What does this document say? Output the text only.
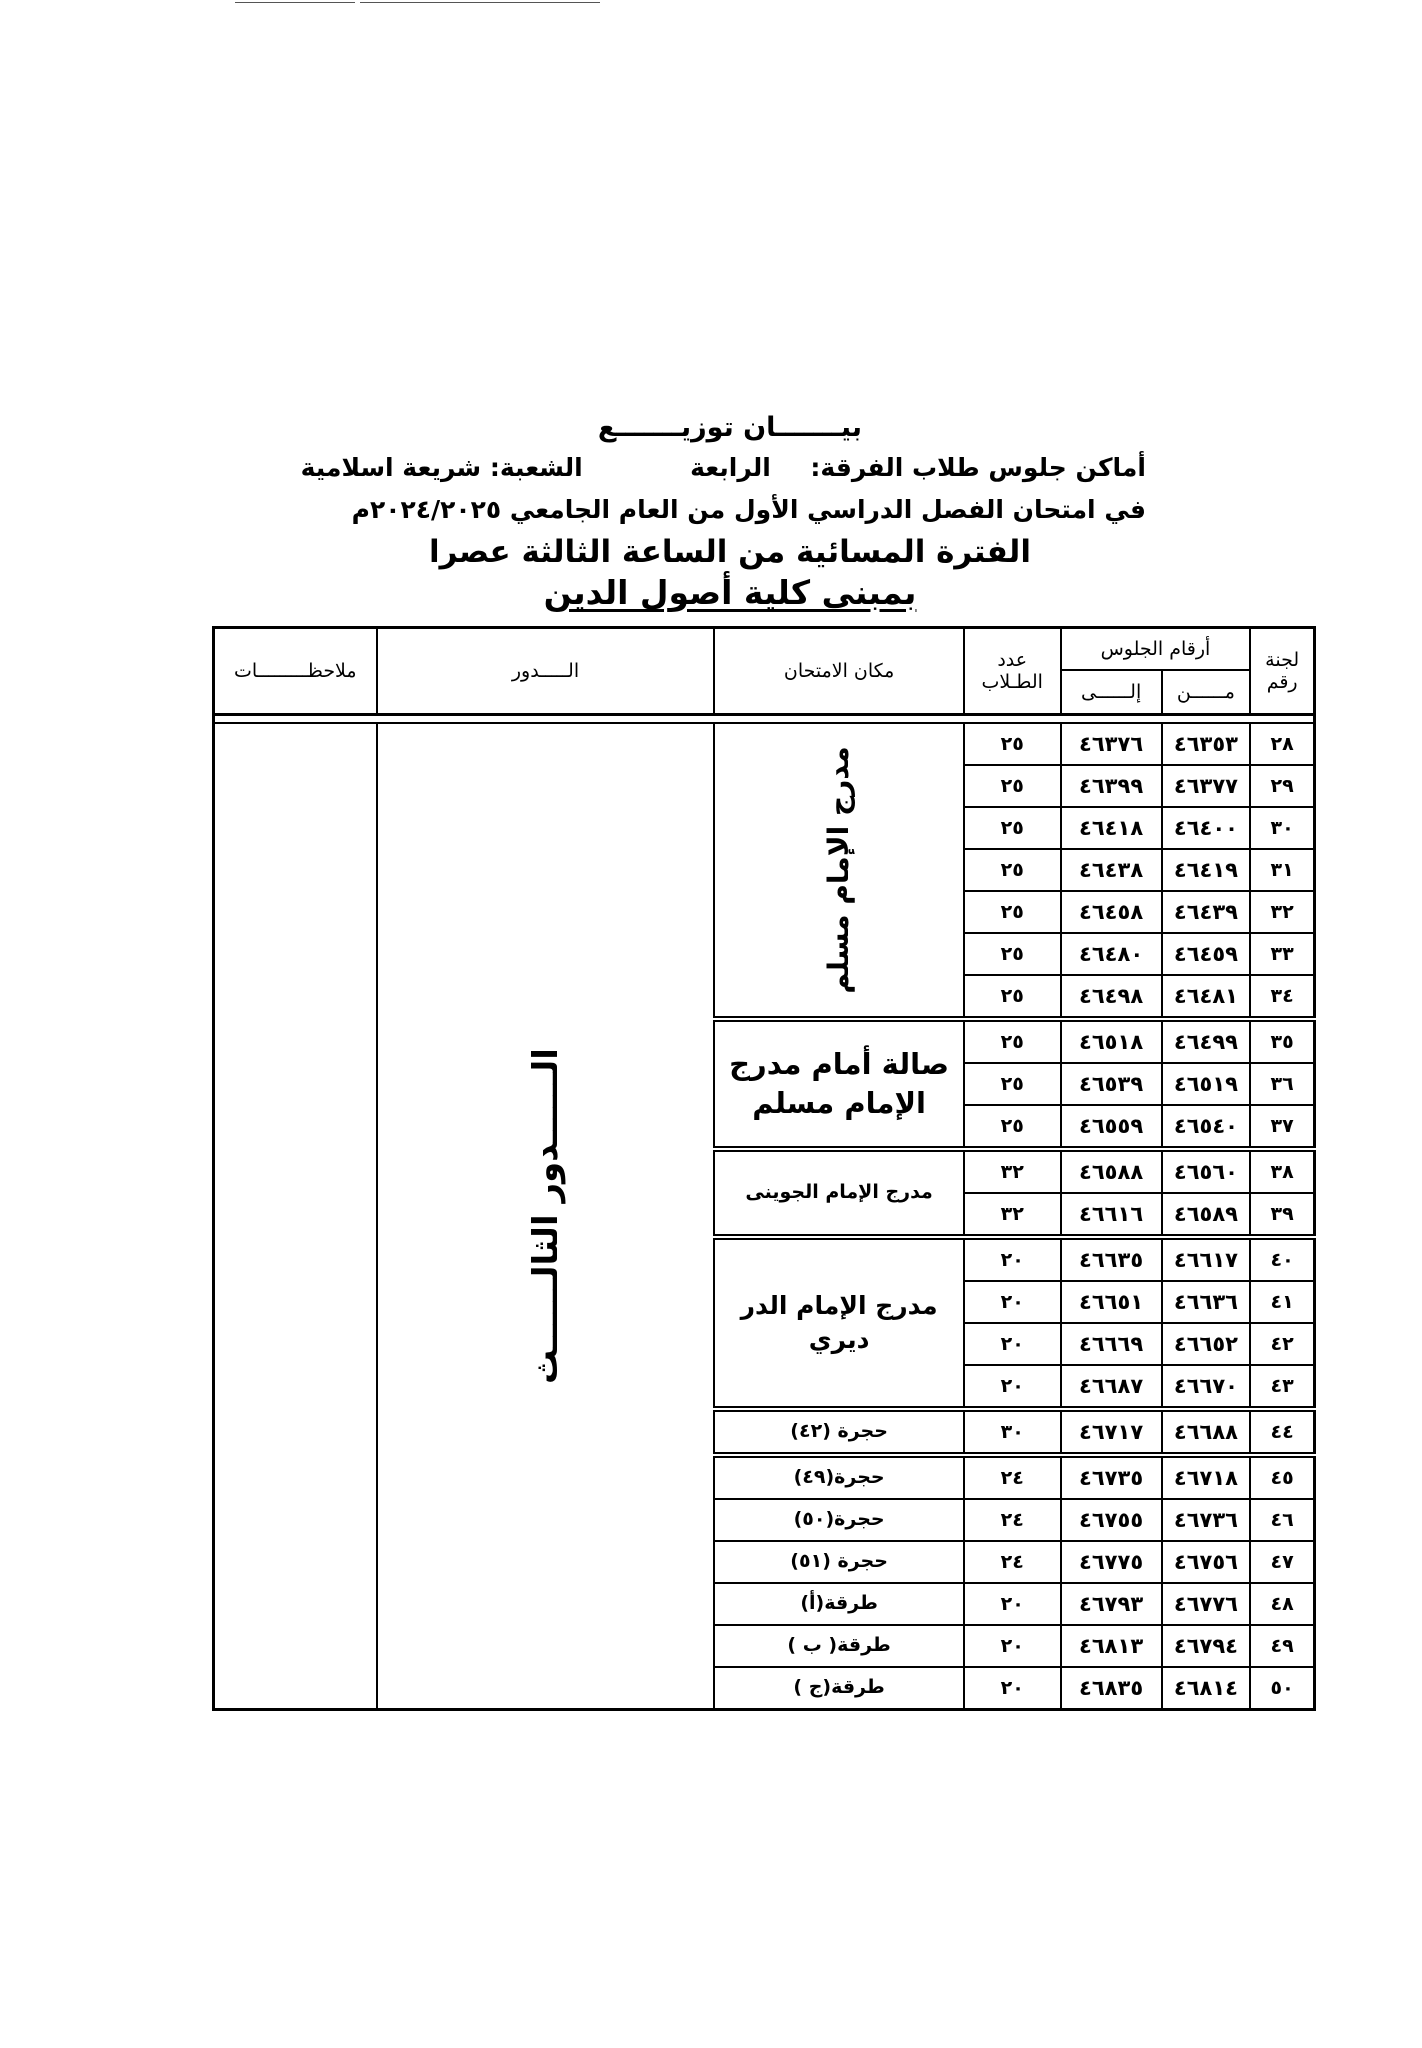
بيـــــــان توزيـــــــع
أماكن جلوس طلاب الفرقة:  الرابعة  الشعبة: شريعة اسلامية
في امتحان الفصل الدراسي الأول من العام الجامعي ٢٠٢٤/٢٠٢٥م
الفترة المسائية من الساعة الثالثة عصرا
بمبنى كلية أصول الدين
لجنة رقم	أرقام الجلوس		عدد الطـلاب	مكان الامتحان	الـــــدور	ملاحظـــــــــات
	مــــــن	إلــــــى				

٢٨	٤٦٣٥٣	٤٦٣٧٦	٢٥	مدرج الإمام مسلم	الــــــدور الثالــــــث	
٢٩	٤٦٣٧٧	٤٦٣٩٩	٢٥			
٣٠	٤٦٤٠٠	٤٦٤١٨	٢٥			
٣١	٤٦٤١٩	٤٦٤٣٨	٢٥			
٣٢	٤٦٤٣٩	٤٦٤٥٨	٢٥			
٣٣	٤٦٤٥٩	٤٦٤٨٠	٢٥			
٣٤	٤٦٤٨١	٤٦٤٩٨	٢٥			
٣٥	٤٦٤٩٩	٤٦٥١٨	٢٥	صالة أمام مدرج الإمام مسلم		
٣٦	٤٦٥١٩	٤٦٥٣٩	٢٥			
٣٧	٤٦٥٤٠	٤٦٥٥٩	٢٥			
٣٨	٤٦٥٦٠	٤٦٥٨٨	٣٢	مدرج الإمام الجوينى		
٣٩	٤٦٥٨٩	٤٦٦١٦	٣٢			
٤٠	٤٦٦١٧	٤٦٦٣٥	٢٠	مدرج الإمام الدر ديري		
٤١	٤٦٦٣٦	٤٦٦٥١	٢٠			
٤٢	٤٦٦٥٢	٤٦٦٦٩	٢٠			
٤٣	٤٦٦٧٠	٤٦٦٨٧	٢٠			
٤٤	٤٦٦٨٨	٤٦٧١٧	٣٠	حجرة (٤٢)		
٤٥	٤٦٧١٨	٤٦٧٣٥	٢٤	حجرة(٤٩)		
٤٦	٤٦٧٣٦	٤٦٧٥٥	٢٤	حجرة(٥٠)		
٤٧	٤٦٧٥٦	٤٦٧٧٥	٢٤	حجرة (٥١)		
٤٨	٤٦٧٧٦	٤٦٧٩٣	٢٠	طرقة(أ)		
٤٩	٤٦٧٩٤	٤٦٨١٣	٢٠	طرقة( ب )		
٥٠	٤٦٨١٤	٤٦٨٣٥	٢٠	طرقة(ج )		
